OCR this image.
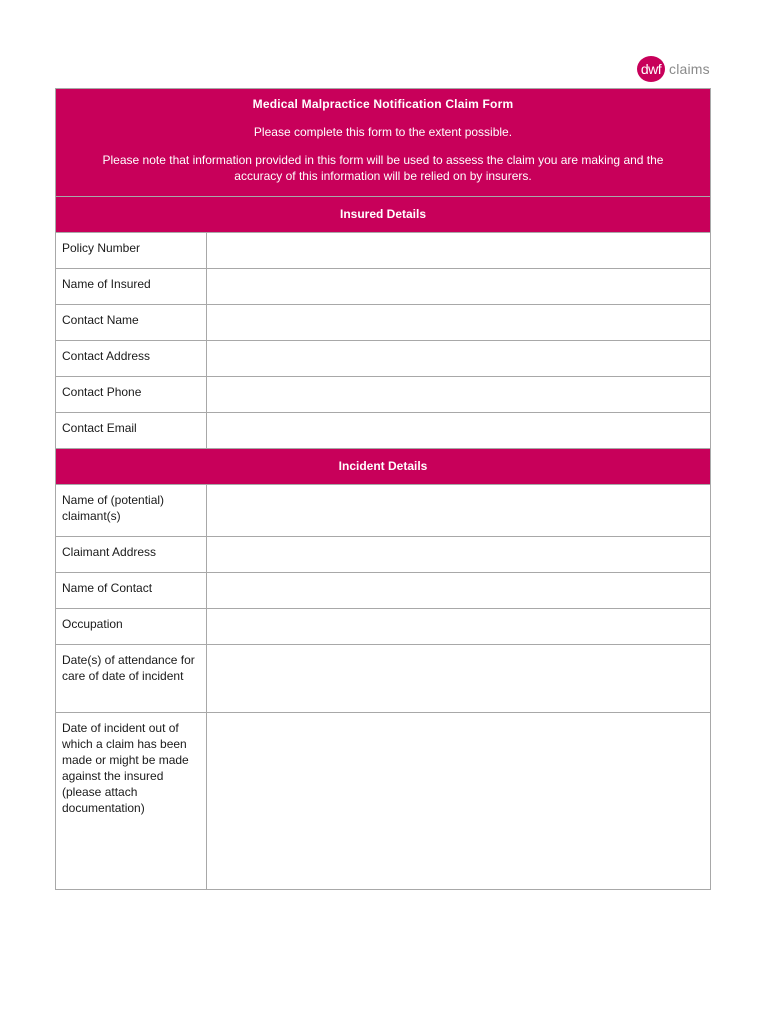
dwf claims

Medical Malpractice Notification Claim Form

Please complete this form to the extent possible.

Please note that information provided in this form will be used to assess the claim you are making and the accuracy of this information will be relied on by insurers.

Insured Details
Policy Number
Name of Insured
Contact Name
Contact Address
Contact Phone
Contact Email
Incident Details
Name of (potential) claimant(s)
Claimant Address
Name of Contact
Occupation
Date(s) of attendance for care of date of incident
Date of incident out of which a claim has been made or might be made against the insured (please attach documentation)
